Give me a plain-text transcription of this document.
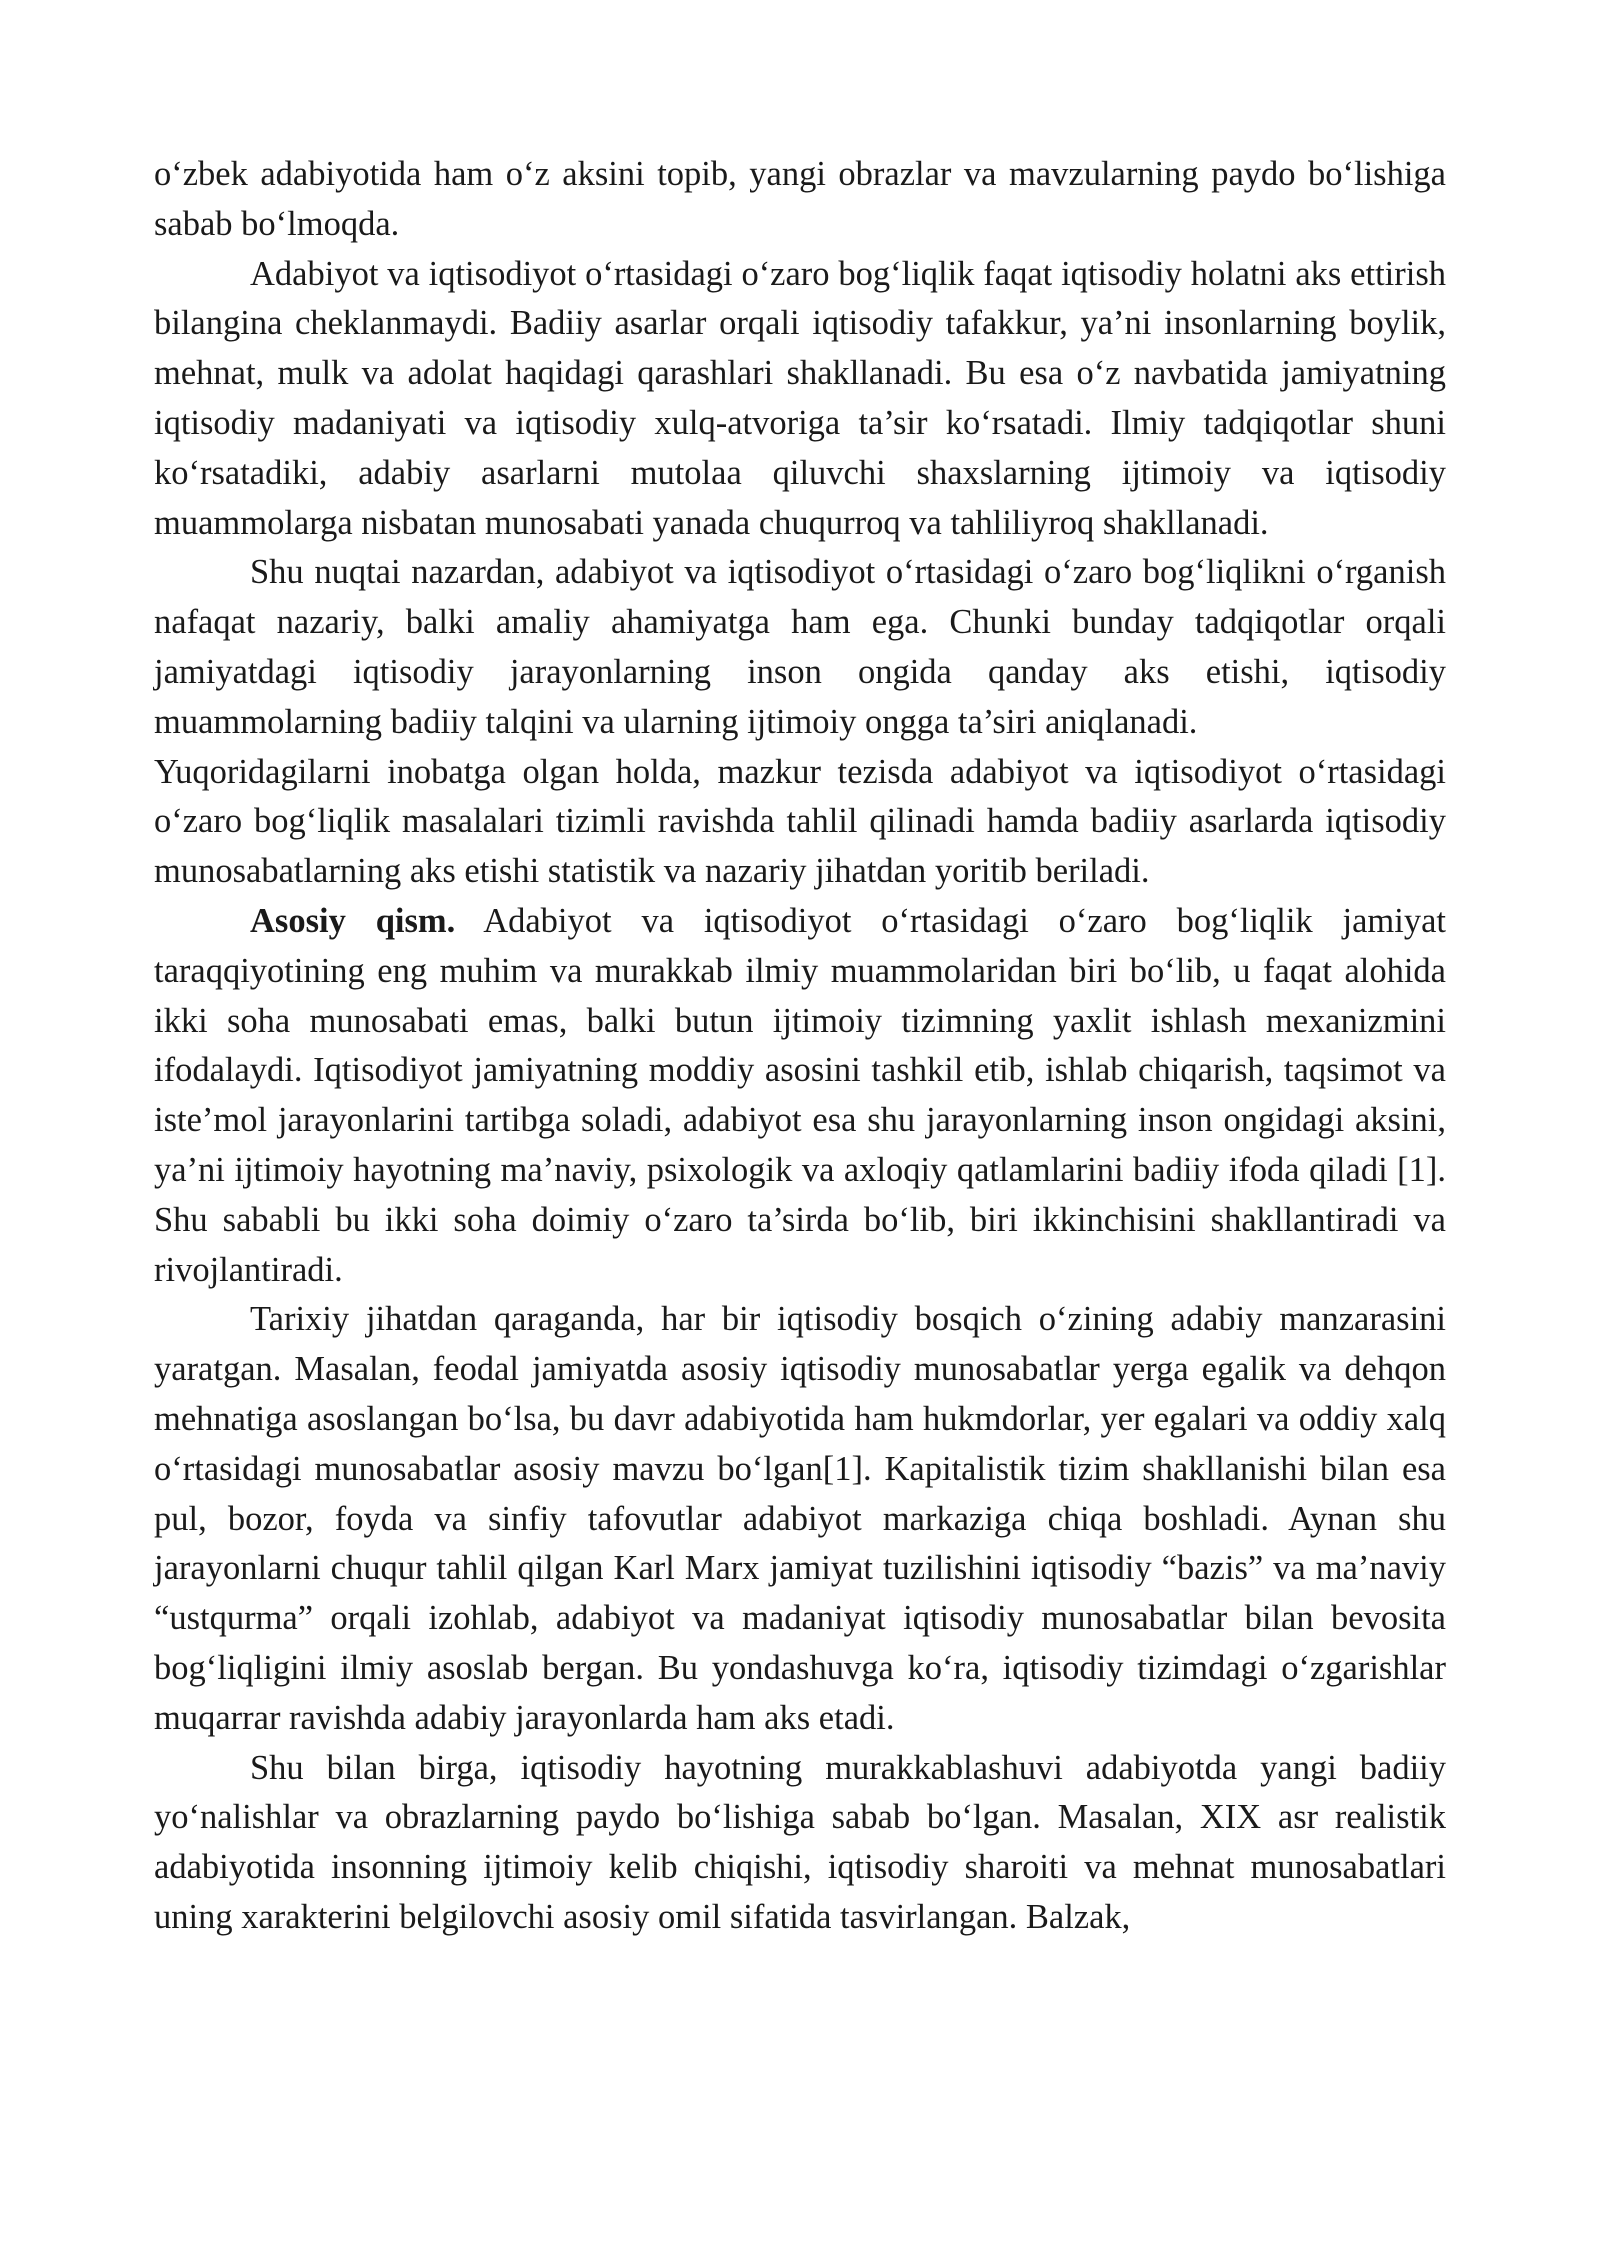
o‘zbek adabiyotida ham o‘z aksini topib, yangi obrazlar va mavzularning paydo bo‘lishiga sabab bo‘lmoqda.

Adabiyot va iqtisodiyot o‘rtasidagi o‘zaro bog‘liqlik faqat iqtisodiy holatni aks ettirish bilangina cheklanmaydi. Badiiy asarlar orqali iqtisodiy tafakkur, ya’ni insonlarning boylik, mehnat, mulk va adolat haqidagi qarashlari shakllanadi. Bu esa o‘z navbatida jamiyatning iqtisodiy madaniyati va iqtisodiy xulq-atvoriga ta’sir ko‘rsatadi. Ilmiy tadqiqotlar shuni ko‘rsatadiki, adabiy asarlarni mutolaa qiluvchi shaxslarning ijtimoiy va iqtisodiy muammolarga nisbatan munosabati yanada chuqurroq va tahliliyroq shakllanadi.

Shu nuqtai nazardan, adabiyot va iqtisodiyot o‘rtasidagi o‘zaro bog‘liqlikni o‘rganish nafaqat nazariy, balki amaliy ahamiyatga ham ega. Chunki bunday tadqiqotlar orqali jamiyatdagi iqtisodiy jarayonlarning inson ongida qanday aks etishi, iqtisodiy muammolarning badiiy talqini va ularning ijtimoiy ongga ta’siri aniqlanadi.

Yuqoridagilarni inobatga olgan holda, mazkur tezisda adabiyot va iqtisodiyot o‘rtasidagi o‘zaro bog‘liqlik masalalari tizimli ravishda tahlil qilinadi hamda badiiy asarlarda iqtisodiy munosabatlarning aks etishi statistik va nazariy jihatdan yoritib beriladi.

Asosiy qism. Adabiyot va iqtisodiyot o‘rtasidagi o‘zaro bog‘liqlik jamiyat taraqqiyotining eng muhim va murakkab ilmiy muammolaridan biri bo‘lib, u faqat alohida ikki soha munosabati emas, balki butun ijtimoiy tizimning yaxlit ishlash mexanizmini ifodalaydi. Iqtisodiyot jamiyatning moddiy asosini tashkil etib, ishlab chiqarish, taqsimot va iste’mol jarayonlarini tartibga soladi, adabiyot esa shu jarayonlarning inson ongidagi aksini, ya’ni ijtimoiy hayotning ma’naviy, psixologik va axloqiy qatlamlarini badiiy ifoda qiladi [1]. Shu sababli bu ikki soha doimiy o‘zaro ta’sirda bo‘lib, biri ikkinchisini shakllantiradi va rivojlantiradi.

Tarixiy jihatdan qaraganda, har bir iqtisodiy bosqich o‘zining adabiy manzarasini yaratgan. Masalan, feodal jamiyatda asosiy iqtisodiy munosabatlar yerga egalik va dehqon mehnatiga asoslangan bo‘lsa, bu davr adabiyotida ham hukmdorlar, yer egalari va oddiy xalq o‘rtasidagi munosabatlar asosiy mavzu bo‘lgan[1]. Kapitalistik tizim shakllanishi bilan esa pul, bozor, foyda va sinfiy tafovutlar adabiyot markaziga chiqa boshladi. Aynan shu jarayonlarni chuqur tahlil qilgan Karl Marx jamiyat tuzilishini iqtisodiy “bazis” va ma’naviy “ustqurma” orqali izohlab, adabiyot va madaniyat iqtisodiy munosabatlar bilan bevosita bog‘liqligini ilmiy asoslab bergan. Bu yondashuvga ko‘ra, iqtisodiy tizimdagi o‘zgarishlar muqarrar ravishda adabiy jarayonlarda ham aks etadi.

Shu bilan birga, iqtisodiy hayotning murakkablashuvi adabiyotda yangi badiiy yo‘nalishlar va obrazlarning paydo bo‘lishiga sabab bo‘lgan. Masalan, XIX asr realistik adabiyotida insonning ijtimoiy kelib chiqishi, iqtisodiy sharoiti va mehnat munosabatlari uning xarakterini belgilovchi asosiy omil sifatida tasvirlangan. Balzak,
